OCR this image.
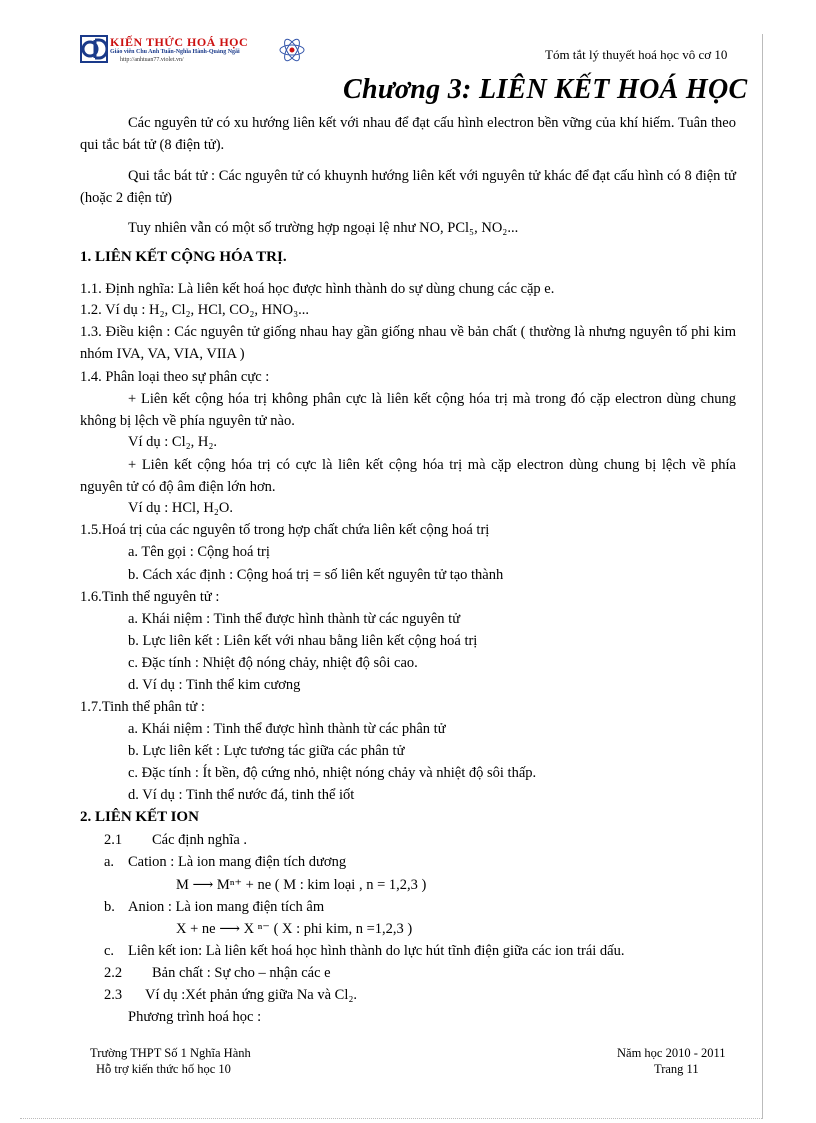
KIẾN THỨC HOÁ HỌC
Giáo viên Chu Anh Tuấn-Nghĩa Hành-Quảng Ngãi
http://anhtuan77.violet.vn/	Tóm tắt lý thuyết hoá học vô cơ 10
Chương 3: LIÊN KẾT HOÁ HỌC
Các nguyên tử có xu hướng liên kết với nhau để đạt cấu hình electron bền vững của khí hiếm. Tuân theo qui tắc bát tử (8 điện tử).
Qui tắc bát tử : Các nguyên tử có khuynh hướng liên kết với nguyên tử khác để đạt cấu hình có 8 điện tử (hoặc 2 điện tử)
Tuy nhiên vẫn có một số trường hợp ngoại lệ như NO, PCl₅, NO₂...
1. LIÊN KẾT CỘNG HÓA TRỊ.
1.1. Định nghĩa: Là liên kết hoá học được hình thành do sự dùng chung các cặp e.
1.2. Ví dụ : H₂, Cl₂, HCl, CO₂, HNO₃...
1.3. Điều kiện : Các nguyên tử giống nhau hay gần giống nhau về bản chất ( thường là nhưng nguyên tố phi kim nhóm IVA, VA, VIA, VIIA )
1.4. Phân loại theo sự phân cực :
+ Liên kết cộng hóa trị không phân cực là liên kết cộng hóa trị mà trong đó cặp electron dùng chung không bị lệch về phía nguyên tử nào.
Ví dụ : Cl₂, H₂.
+ Liên kết cộng hóa trị có cực là liên kết cộng hóa trị mà cặp electron dùng chung bị lệch về phía nguyên tử có độ âm điện lớn hơn.
Ví dụ : HCl, H₂O.
1.5.Hoá trị của các nguyên tố trong hợp chất chứa liên kết cộng hoá trị
a. Tên gọi : Cộng hoá trị
b. Cách xác định : Cộng hoá trị = số liên kết nguyên tử tạo thành
1.6.Tinh thể nguyên tử :
a. Khái niệm : Tinh thể được hình thành từ các nguyên tử
b. Lực liên kết : Liên kết với nhau bằng liên kết cộng hoá trị
c. Đặc tính : Nhiệt độ nóng chảy, nhiệt độ sôi cao.
d. Ví dụ : Tinh thể kim cương
1.7.Tinh thể phân tử :
a. Khái niệm : Tinh thể được hình thành từ các phân tử
b. Lực liên kết : Lực tương tác giữa các phân tử
c. Đặc tính : Ít bền, độ cứng nhỏ, nhiệt nóng chảy và nhiệt độ sôi thấp.
d. Ví dụ : Tinh thể nước đá, tinh thể iốt
2. LIÊN KẾT ION
2.1 Các định nghĩa .
a. Cation : Là ion mang điện tích dương
M ⟶ Mⁿ⁺ + ne ( M : kim loại , n = 1,2,3 )
b. Anion : Là ion mang điện tích âm
X + ne ⟶ X ⁿ⁻ ( X : phi kim, n =1,2,3 )
c. Liên kết ion: Là liên kết hoá học hình thành do lực hút tĩnh điện giữa các ion trái dấu.
2.2 Bản chất : Sự cho – nhận các e
2.3 Ví dụ :Xét phản ứng giữa Na và Cl₂.
Phương trình hoá học :
Trường THPT Số 1 Nghĩa Hành
Hỗ trợ kiến thức hố học 10
Năm học 2010 - 2011
Trang 11
